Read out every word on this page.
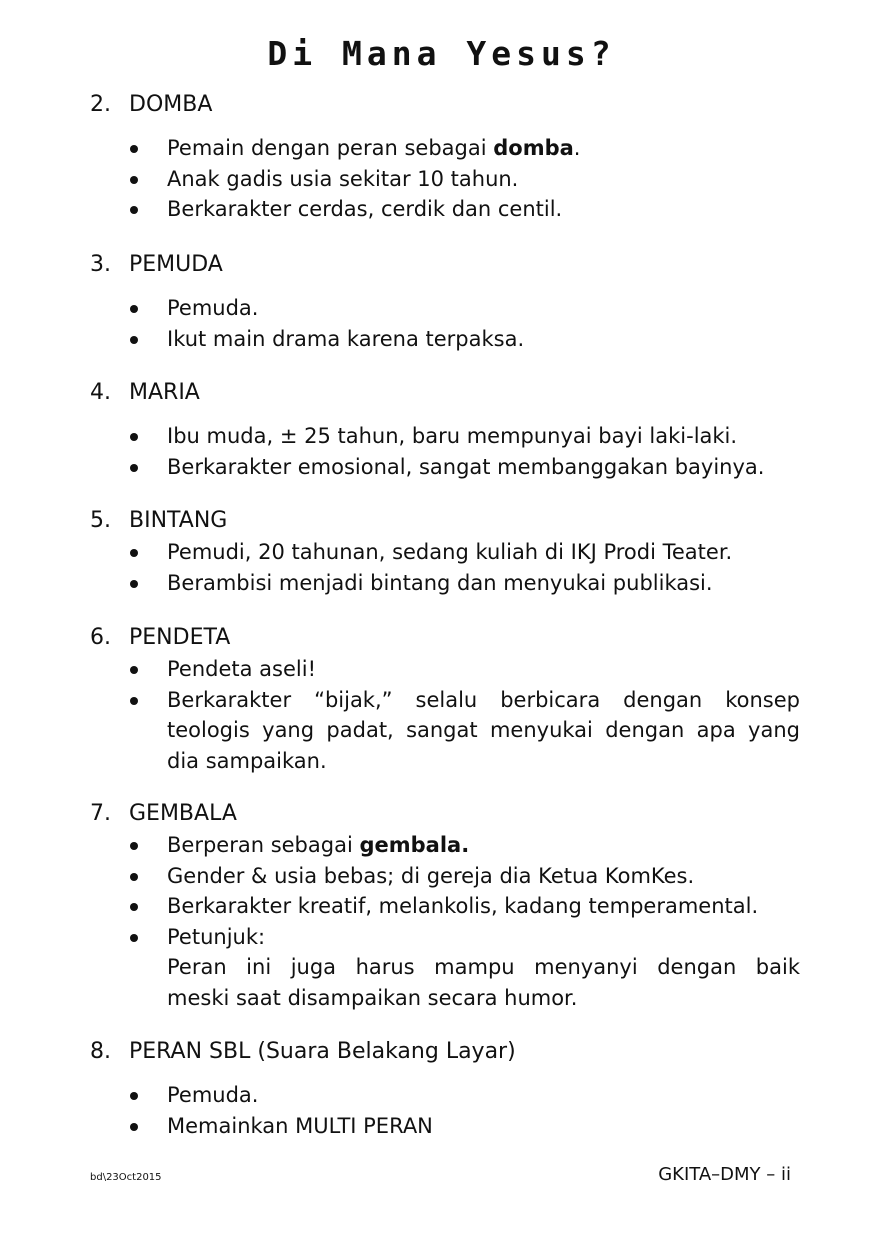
Di Mana Yesus?
2. DOMBA
Pemain dengan peran sebagai domba.
Anak gadis usia sekitar 10 tahun.
Berkarakter cerdas, cerdik dan centil.
3. PEMUDA
Pemuda.
Ikut main drama karena terpaksa.
4. MARIA
Ibu muda, ± 25 tahun, baru mempunyai bayi laki-laki.
Berkarakter emosional, sangat membanggakan bayinya.
5. BINTANG
Pemudi, 20 tahunan, sedang kuliah di IKJ Prodi Teater.
Berambisi menjadi bintang dan menyukai publikasi.
6. PENDETA
Pendeta aseli!
Berkarakter “bijak,” selalu berbicara dengan konsep
teologis yang padat, sangat menyukai dengan apa yang
dia sampaikan.
7. GEMBALA
Berperan sebagai gembala.
Gender & usia bebas; di gereja dia Ketua KomKes.
Berkarakter kreatif, melankolis, kadang temperamental.
Petunjuk:
Peran ini juga harus mampu menyanyi dengan baik
meski saat disampaikan secara humor.
8. PERAN SBL (Suara Belakang Layar)
Pemuda.
Memainkan MULTI PERAN
bd\23Oct2015	GKITA–DMY – ii
